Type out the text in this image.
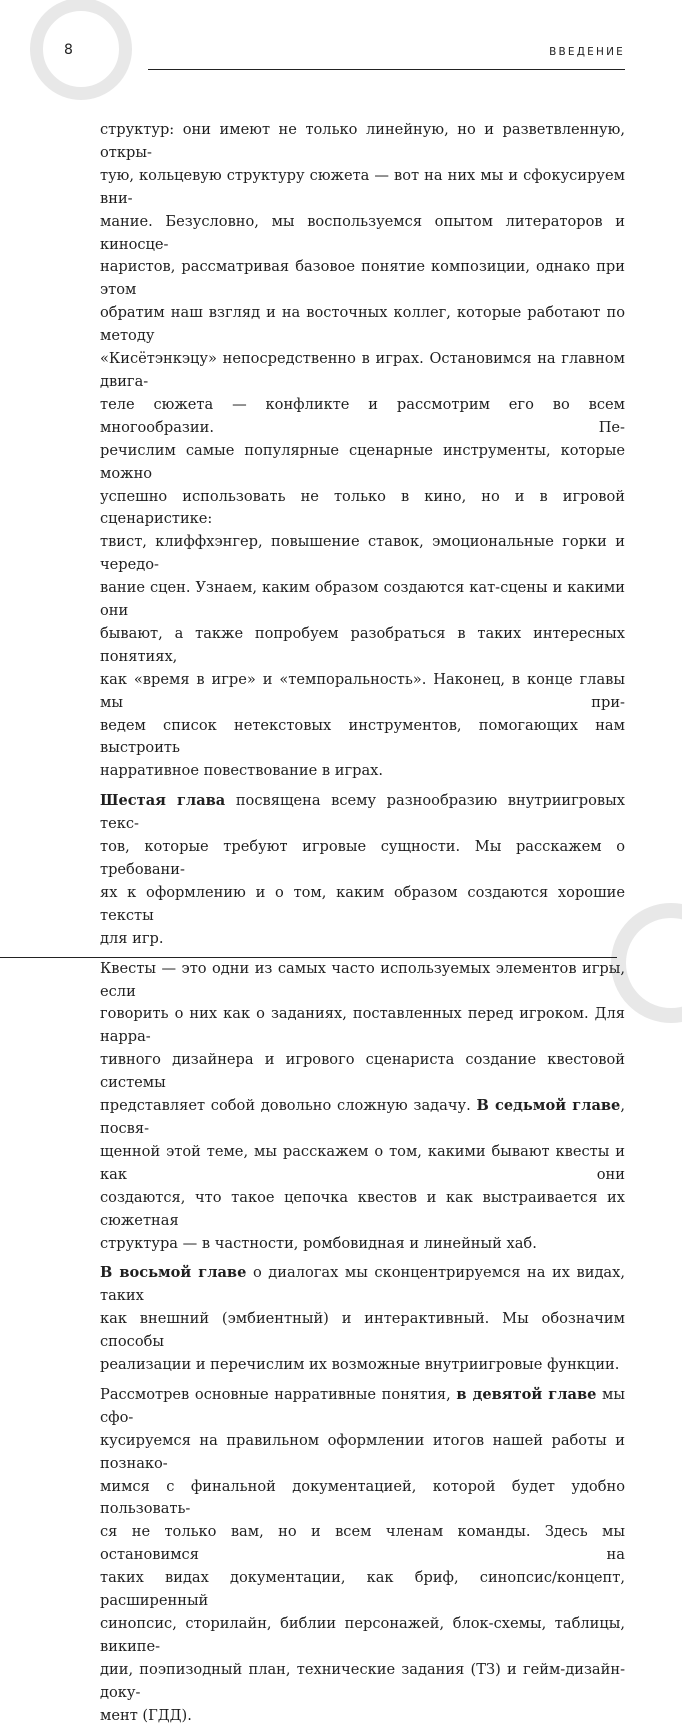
8	ВВЕДЕНИЕ

структур: они имеют не только линейную, но и разветвленную, откры-
тую, кольцевую структуру сюжета — вот на них мы и сфокусируем вни-
мание. Безусловно, мы воспользуемся опытом литераторов и киносце-
наристов, рассматривая базовое понятие композиции, однако при этом
обратим наш взгляд и на восточных коллег, которые работают по методу
«Кисётэнкэцу» непосредственно в играх. Остановимся на главном двига-
теле сюжета — конфликте и рассмотрим его во всем многообразии. Пе-
речислим самые популярные сценарные инструменты, которые можно
успешно использовать не только в кино, но и в игровой сценаристике:
твист, клиффхэнгер, повышение ставок, эмоциональные горки и чередо-
вание сцен. Узнаем, каким образом создаются кат-сцены и какими они
бывают, а также попробуем разобраться в таких интересных понятиях,
как «время в игре» и «темпоральность». Наконец, в конце главы мы при-
ведем список нетекстовых инструментов, помогающих нам выстроить
нарративное повествование в играх.

Шестая глава посвящена всему разнообразию внутриигровых текс-
тов, которые требуют игровые сущности. Мы расскажем о требовани-
ях к оформлению и о том, каким образом создаются хорошие тексты
для игр.

Квесты — это одни из самых часто используемых элементов игры, если
говорить о них как о заданиях, поставленных перед игроком. Для нарра-
тивного дизайнера и игрового сценариста создание квестовой системы
представляет собой довольно сложную задачу. В седьмой главе, посвя-
щенной этой теме, мы расскажем о том, какими бывают квесты и как они
создаются, что такое цепочка квестов и как выстраивается их сюжетная
структура — в частности, ромбовидная и линейный хаб.

В восьмой главе о диалогах мы сконцентрируемся на их видах, таких
как внешний (эмбиентный) и интерактивный. Мы обозначим способы
реализации и перечислим их возможные внутриигровые функции.

Рассмотрев основные нарративные понятия, в девятой главе мы сфо-
кусируемся на правильном оформлении итогов нашей работы и познако-
мимся с финальной документацией, которой будет удобно пользовать-
ся не только вам, но и всем членам команды. Здесь мы остановимся на
таких видах документации, как бриф, синопсис/концепт, расширенный
синопсис, сторилайн, библии персонажей, блок-схемы, таблицы, википе-
дии, поэпизодный план, технические задания (ТЗ) и гейм-дизайн-доку-
мент (ГДД).
